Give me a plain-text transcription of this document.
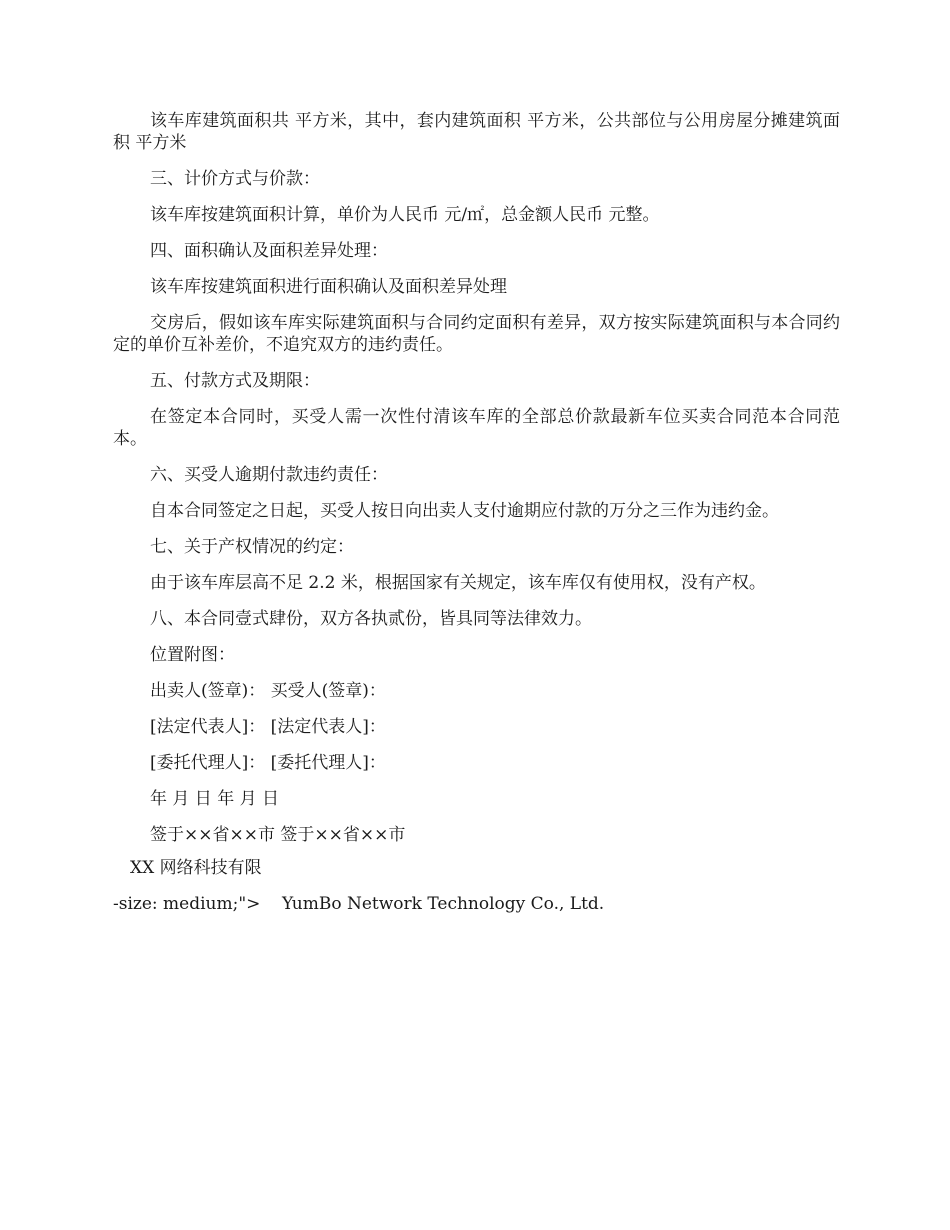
该车库建筑面积共 平方米，其中，套内建筑面积 平方米，公共部位与公用房屋分摊建筑面积 平方米

三、计价方式与价款：

该车库按建筑面积计算，单价为人民币 元/㎡，总金额人民币 元整。

四、面积确认及面积差异处理：

该车库按建筑面积进行面积确认及面积差异处理

交房后，假如该车库实际建筑面积与合同约定面积有差异，双方按实际建筑面积与本合同约定的单价互补差价，不追究双方的违约责任。

五、付款方式及期限：

在签定本合同时，买受人需一次性付清该车库的全部总价款最新车位买卖合同范本合同范本。

六、买受人逾期付款违约责任：

自本合同签定之日起，买受人按日向出卖人支付逾期应付款的万分之三作为违约金。

七、关于产权情况的约定：

由于该车库层高不足 2.2 米，根据国家有关规定，该车库仅有使用权，没有产权。

八、本合同壹式肆份，双方各执贰份，皆具同等法律效力。

位置附图：

出卖人(签章)： 买受人(签章)：

[法定代表人]： [法定代表人]：

[委托代理人]： [委托代理人]：

年 月 日 年 月 日

签于××省××市 签于××省××市

XX 网络科技有限
-size: medium;">    YumBo Network Technology Co., Ltd.
